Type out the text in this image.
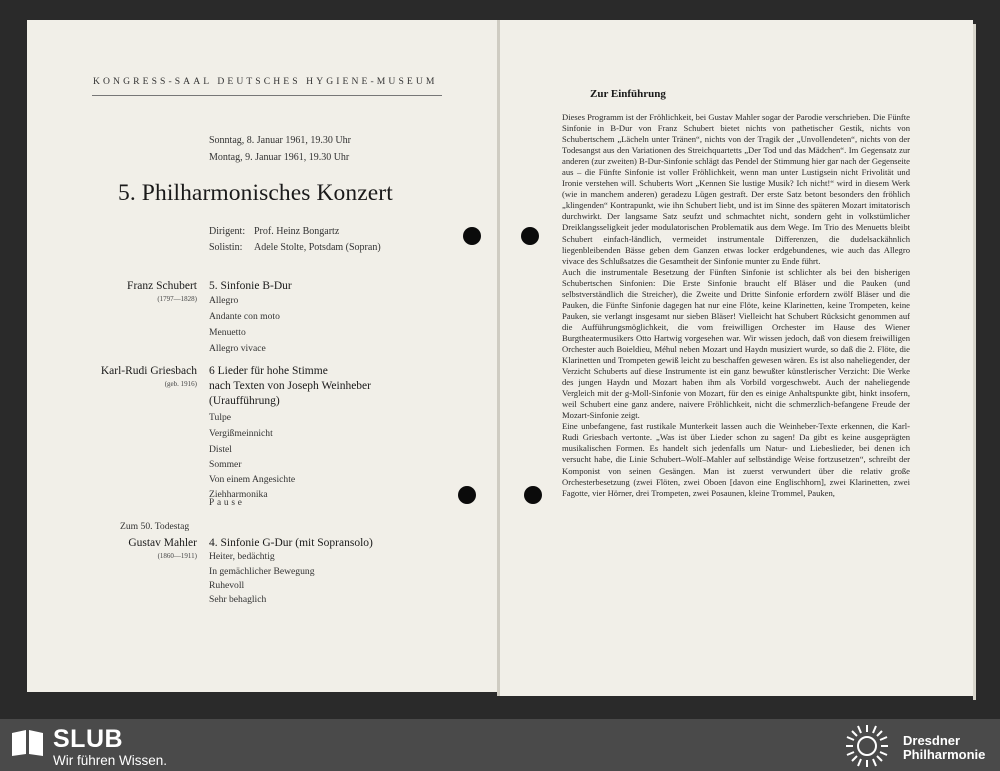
KONGRESS-SAAL DEUTSCHES HYGIENE-MUSEUM
Sonntag, 8. Januar 1961, 19.30 Uhr
Montag, 9. Januar 1961, 19.30 Uhr
5. Philharmonisches Konzert
Dirigent: Prof. Heinz Bongartz
Solistin: Adele Stolte, Potsdam (Sopran)
Franz Schubert
(1797—1828)
5. Sinfonie B-Dur
Allegro
Andante con moto
Menuetto
Allegro vivace
Karl-Rudi Griesbach
(geb. 1916)
6 Lieder für hohe Stimme
nach Texten von Joseph Weinheber
(Uraufführung)
Tulpe
Vergißmeinnicht
Distel
Sommer
Von einem Angesichte
Ziehharmonika
Pause
Zum 50. Todestag
Gustav Mahler
(1860—1911)
4. Sinfonie G-Dur (mit Sopransolo)
Heiter, bedächtig
In gemächlicher Bewegung
Ruhevoll
Sehr behaglich
Zur Einführung

Dieses Programm ist der Fröhlichkeit, bei Gustav Mahler sogar der Parodie verschrieben. Die Fünfte Sinfonie in B-Dur von Franz Schubert bietet nichts von pathetischer Gestik, nichts von Schubertschem „Lächeln unter Tränen“, nichts von der Tragik der „Unvollendeten“, nichts von der Todesangst aus den Variationen des Streichquartetts „Der Tod und das Mädchen“. Im Gegensatz zur anderen (zur zweiten) B-Dur-Sinfonie schlägt das Pendel der Stimmung hier gar nach der Gegenseite aus – die Fünfte Sinfonie ist voller Fröhlichkeit, wenn man unter Lustigsein nicht Frivolität und Ironie verstehen will. Schuberts Wort „Kennen Sie lustige Musik? Ich nicht!“ wird in diesem Werk (wie in manchem anderen) geradezu Lügen gestraft. Der erste Satz betont besonders den fröhlich „klingenden“ Kontrapunkt, wie ihn Schubert liebt, und ist im Sinne des späteren Mozart imitatorisch durchwirkt. Der langsame Satz seufzt und schmachtet nicht, sondern geht in volkstümlicher Dreiklangsseligkeit jeder modulatorischen Problematik aus dem Wege. Im Trio des Menuetts bleibt Schubert einfach-ländlich, vermeidet instrumentale Differenzen, die dudelsackähnlich liegenbleibenden Bässe geben dem Ganzen etwas locker erdgebundenes, wie auch das Allegro vivace des Schlußsatzes die Gesamtheit der Sinfonie munter zu Ende führt.

Auch die instrumentale Besetzung der Fünften Sinfonie ist schlichter als bei den bisherigen Schubertschen Sinfonien: Die Erste Sinfonie braucht elf Bläser und die Pauken (und selbstverständlich die Streicher), die Zweite und Dritte Sinfonie erfordern zwölf Bläser und die Pauken, die Fünfte Sinfonie dagegen hat nur eine Flöte, keine Klarinetten, keine Trompeten, keine Pauken, sie verlangt insgesamt nur sieben Bläser! Vielleicht hat Schubert Rücksicht genommen auf die Aufführungsmöglichkeit, die vom freiwilligen Orchester im Hause des Wiener Burgtheatermusikers Otto Hartwig vorgesehen war. Wir wissen jedoch, daß von diesem freiwilligen Orchester auch Boieldieu, Méhul neben Mozart und Haydn musiziert wurde, so daß die 2. Flöte, die Klarinetten und Trompeten gewiß leicht zu beschaffen gewesen wären. Es ist also naheliegender, der Verzicht Schuberts auf diese Instrumente ist ein ganz bewußter künstlerischer Verzicht: Die Werke des jungen Haydn und Mozart haben ihm als Vorbild vorgeschwebt. Auch der naheliegende Vergleich mit der g-Moll-Sinfonie von Mozart, für den es einige Anhaltspunkte gibt, hinkt insofern, weil Schubert eine ganz andere, naivere Fröhlichkeit, nicht die schmerzlich-befangene Freude der Mozart-Sinfonie zeigt.

Eine unbefangene, fast rustikale Munterkeit lassen auch die Weinheber-Texte erkennen, die Karl-Rudi Griesbach vertonte. „Was ist über Lieder schon zu sagen! Da gibt es keine ausgeprägten musikalischen Formen. Es handelt sich jedenfalls um Natur- und Liebeslieder, bei denen ich versucht habe, die Linie Schubert–Wolf–Mahler auf selbständige Weise fortzusetzen“, schreibt der Komponist von seinen Gesängen. Man ist zuerst verwundert über die relativ große Orchesterbesetzung (zwei Flöten, zwei Oboen [davon eine Englischhorn], zwei Klarinetten, zwei Fagotte, vier Hörner, drei Trompeten, zwei Posaunen, kleine Trommel, Pauken,

SLUB
Wir führen Wissen.
Dresdner
Philharmonie
